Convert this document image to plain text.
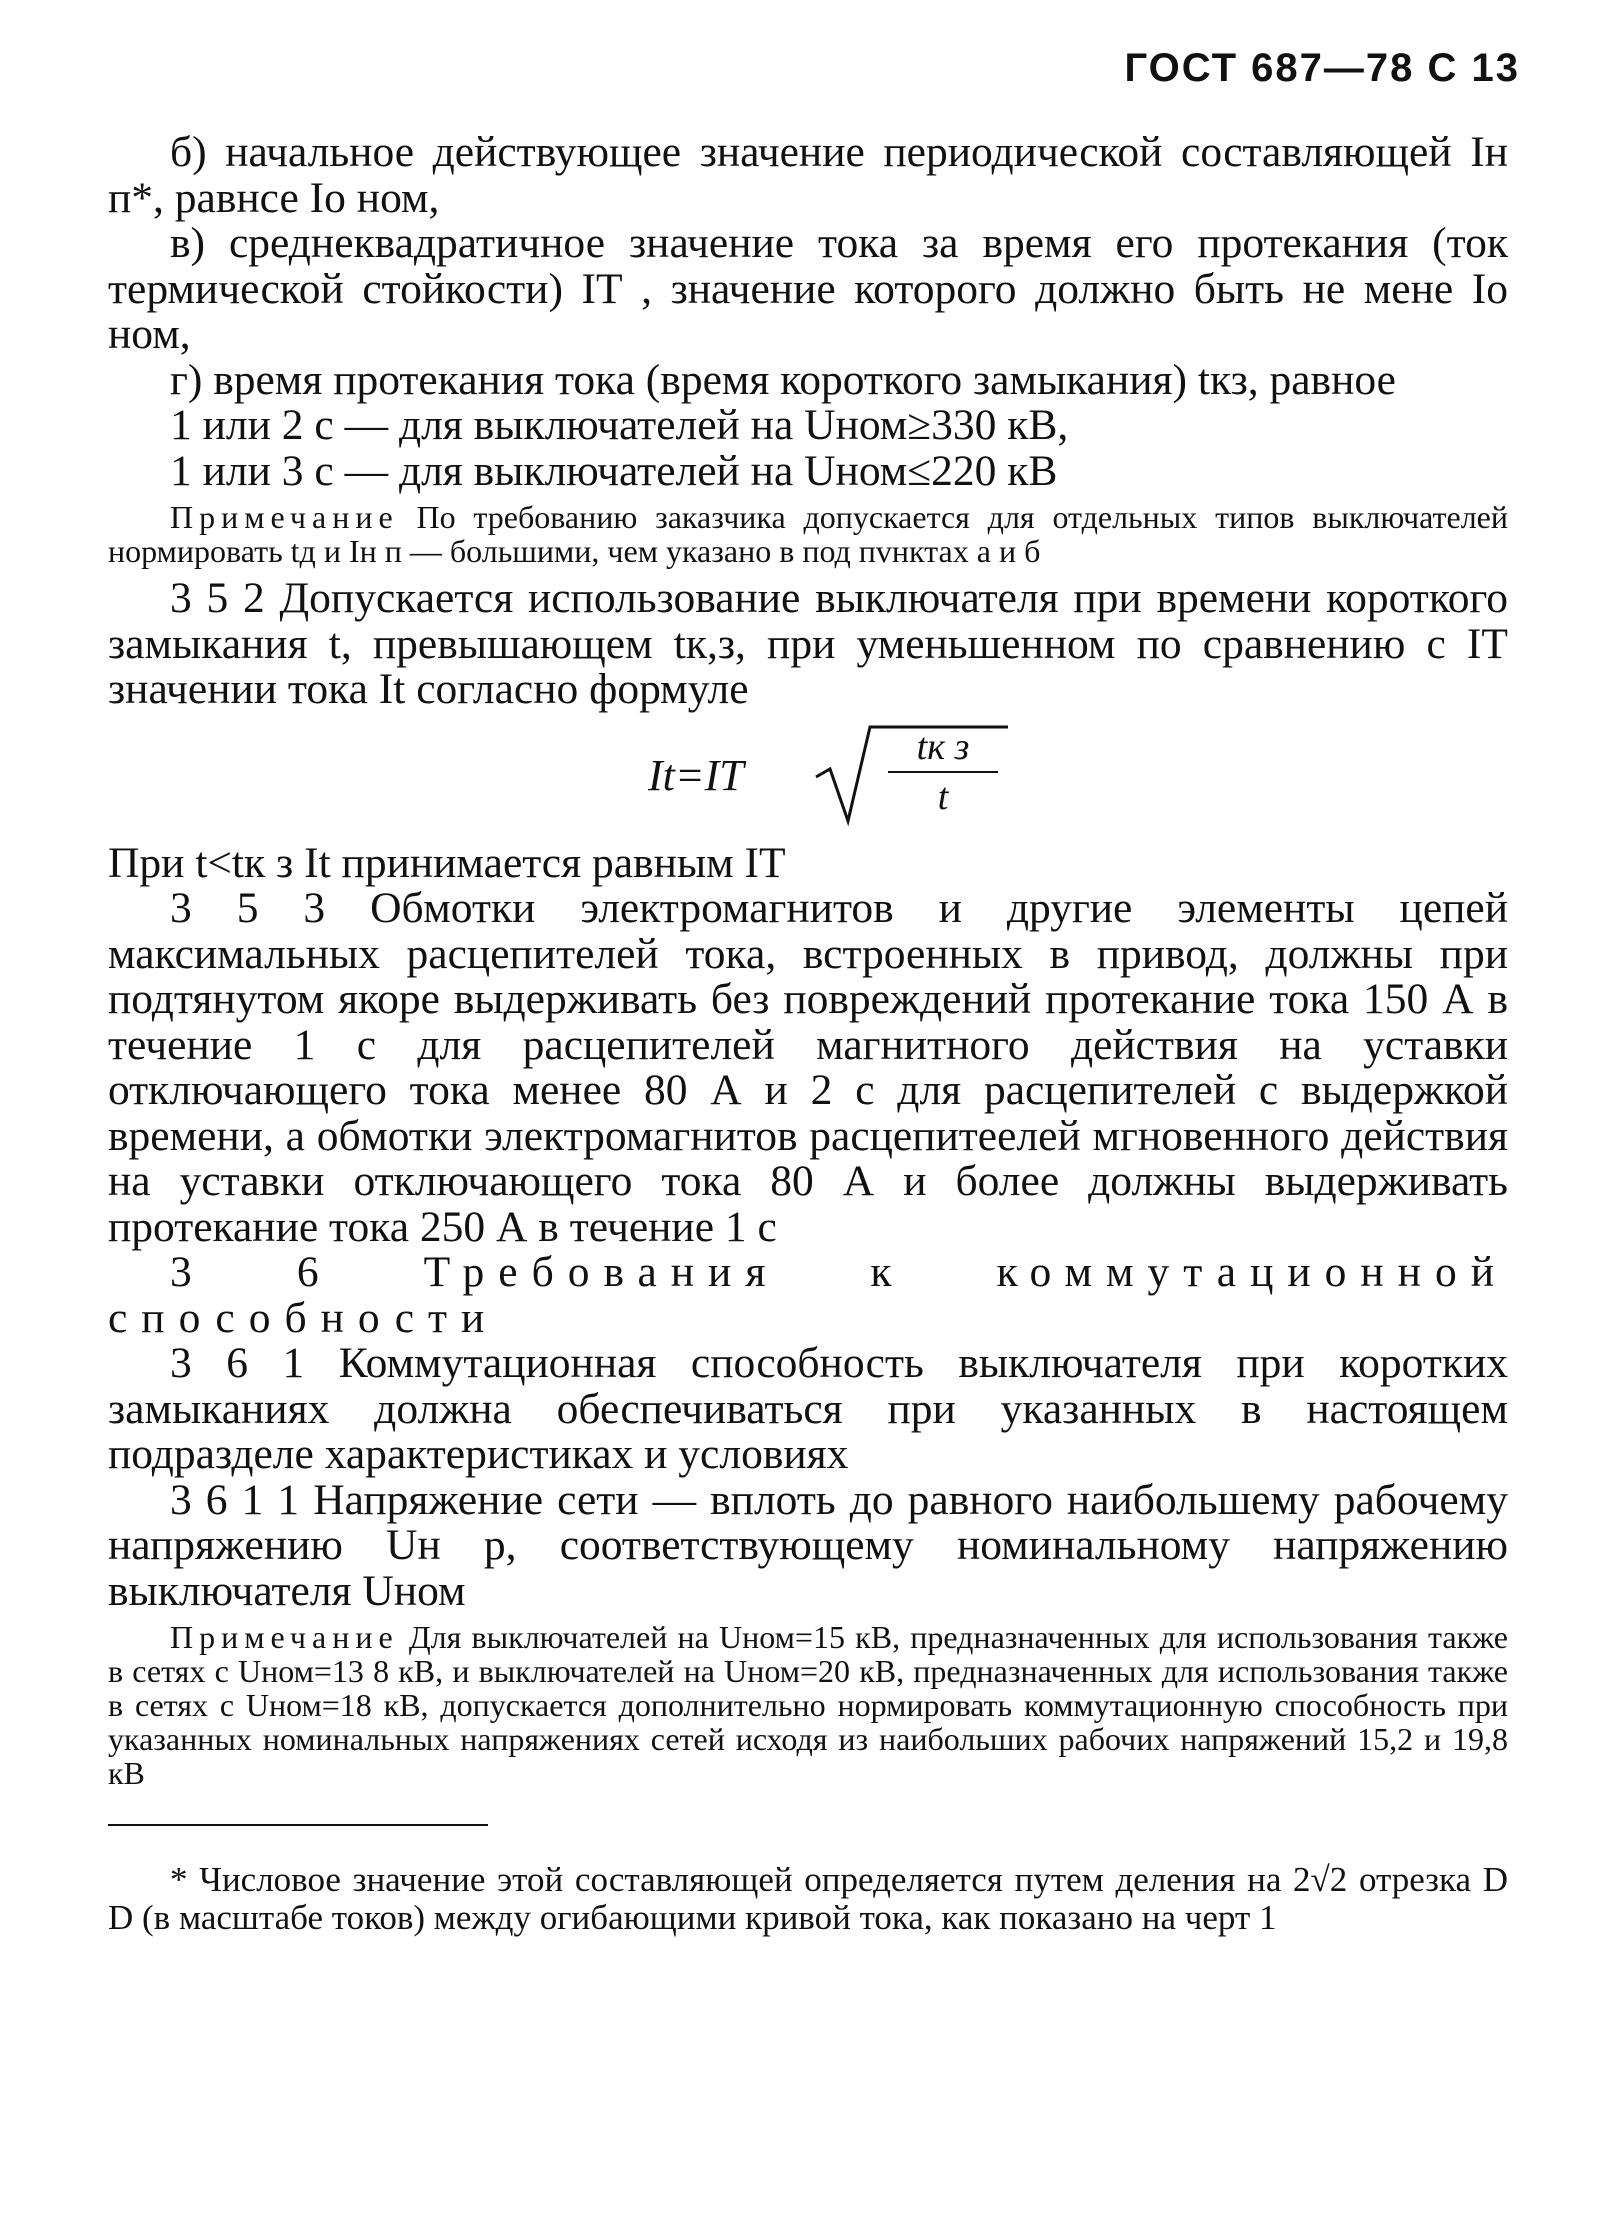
ГОСТ 687—78 С 13

б) начальное действующее значение периодической составляющей Iн п*, равнсе Iо ном,

в) среднеквадратичное значение тока за время его протекания (ток термической стойкости) IТ , значение которого должно быть не мене Iо ном,

г) время протекания тока (время короткого замыкания) tкз, равное

1 или 2 с — для выключателей на Uном≥330 кВ,

1 или 3 с — для выключателей на Uном≤220 кВ

Примечание По требованию заказчика допускается для отдельных типов выключателей нормировать tд и Iн п — большими, чем указано в под пvнктах а и б

3 5 2 Допускается использование выключателя при времени короткого замыкания t, превышающем tк,з, при уменьшенном по сравнению с IТ значении тока It сoгласно формуле

It=IT
tк з
t

При t<tк з It принимается равным IT

3 5 3 Обмотки электромагнитов и другие элементы цепей максимальных расцепителей тока, встроенных в привод, должны при подтянутом якоре выдерживать без повреждений протекание тока 150 А в течение 1 с для расцепителей магнитного действия на уставки отключающего тока менее 80 А и 2 с для расцепителей с выдержкой времени, а обмотки электромагнитов расцепитеeлей мгновенного действия на уставки отключающего тока 80 А и более должны выдерживать протекание тока 250 А в течение 1 с

3 6 Требования к коммутационной способности

3 6 1 Коммутационная способность выключателя при коротких замыканиях должна обеспечиваться при указанных в настоящем подразделе характеристиках и условиях

3 6 1 1 Напряжение сети — вплоть до равного наибольшему рабочему напряжению Uн р, соответствующему номинальному напряжению выключателя Uном

Примечание Для выключателей на Uном=15 кВ, предназначенных для использования также в сетях с Uном=13 8 кВ, и выключателей на Uном=20 кВ, предназначенных для использования также в сетях с Uном=18 кВ, допускается дополнительно нормировать коммутационную способность при указанных номинальных напряжениях сетей исходя из наибольших рабочих напряжений 15,2 и 19,8 кВ

* Числовое значение этой составляющей определяется путем деления на 2√2 отрезка D D (в масштабе токов) между огибающими кривой тока, как показано на черт 1
